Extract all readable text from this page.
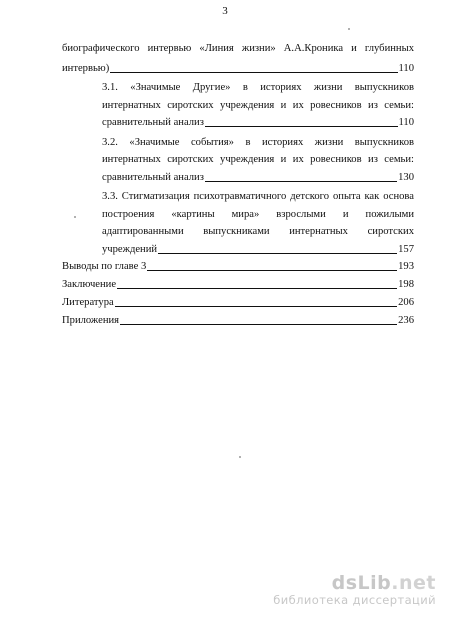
3
биографического интервью «Линия жизни» А.А.Кроника и глубинных
интервью)	110
3.1. «Значимые Другие» в историях жизни выпускников
интернатных сиротских учреждения и их ровесников из семьи:
сравнительный анализ	110
3.2. «Значимые события» в историях жизни выпускников
интернатных сиротских учреждения и их ровесников из семьи:
сравнительный анализ	130
3.3. Стигматизация психотравматичного детского опыта как основа
построения «картины мира» взрослыми и пожилыми
адаптированными выпускниками интернатных сиротских
учреждений	157
Выводы по главе 3	193
Заключение	198
Литература	206
Приложения	236
dsLib.net
библиотека диссертаций
